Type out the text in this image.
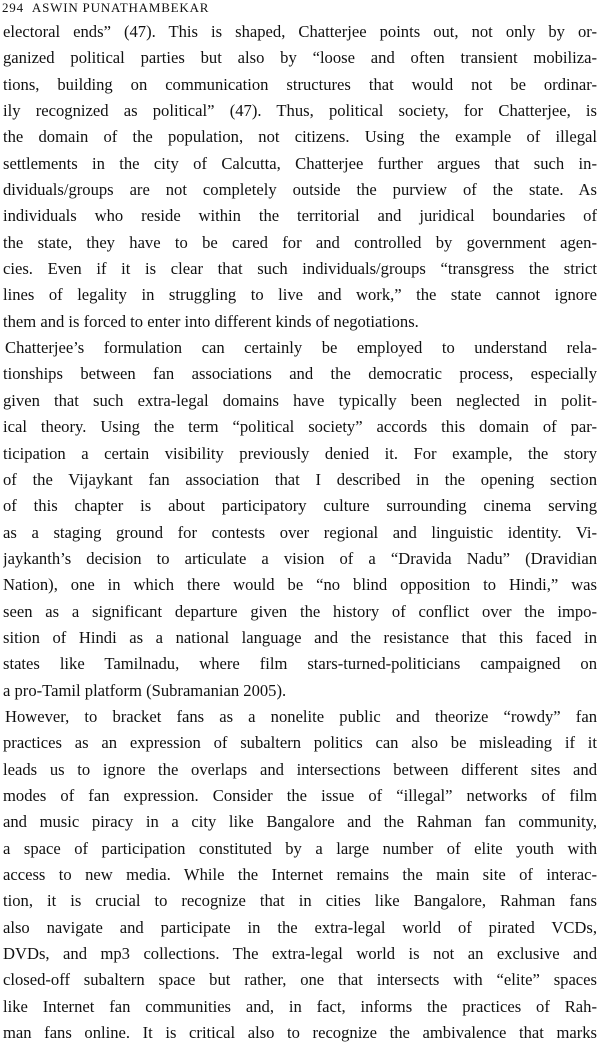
294 ASWIN PUNATHAMBEKAR
electoral ends” (47). This is shaped, Chatterjee points out, not only by or-
ganized political parties but also by “loose and often transient mobiliza-
tions, building on communication structures that would not be ordinar-
ily recognized as political” (47). Thus, political society, for Chatterjee, is
the domain of the population, not citizens. Using the example of illegal
settlements in the city of Calcutta, Chatterjee further argues that such in-
dividuals/groups are not completely outside the purview of the state. As
individuals who reside within the territorial and juridical boundaries of
the state, they have to be cared for and controlled by government agen-
cies. Even if it is clear that such individuals/groups “transgress the strict
lines of legality in struggling to live and work,” the state cannot ignore
them and is forced to enter into different kinds of negotiations.
Chatterjee’s formulation can certainly be employed to understand rela-
tionships between fan associations and the democratic process, especially
given that such extra-legal domains have typically been neglected in polit-
ical theory. Using the term “political society” accords this domain of par-
ticipation a certain visibility previously denied it. For example, the story
of the Vijaykant fan association that I described in the opening section
of this chapter is about participatory culture surrounding cinema serving
as a staging ground for contests over regional and linguistic identity. Vi-
jaykanth’s decision to articulate a vision of a “Dravida Nadu” (Dravidian
Nation), one in which there would be “no blind opposition to Hindi,” was
seen as a significant departure given the history of conflict over the impo-
sition of Hindi as a national language and the resistance that this faced in
states like Tamilnadu, where film stars-turned-politicians campaigned on
a pro-Tamil platform (Subramanian 2005).
However, to bracket fans as a nonelite public and theorize “rowdy” fan
practices as an expression of subaltern politics can also be misleading if it
leads us to ignore the overlaps and intersections between different sites and
modes of fan expression. Consider the issue of “illegal” networks of film
and music piracy in a city like Bangalore and the Rahman fan community,
a space of participation constituted by a large number of elite youth with
access to new media. While the Internet remains the main site of interac-
tion, it is crucial to recognize that in cities like Bangalore, Rahman fans
also navigate and participate in the extra-legal world of pirated VCDs,
DVDs, and mp3 collections. The extra-legal world is not an exclusive and
closed-off subaltern space but rather, one that intersects with “elite” spaces
like Internet fan communities and, in fact, informs the practices of Rah-
man fans online. It is critical also to recognize the ambivalence that marks
